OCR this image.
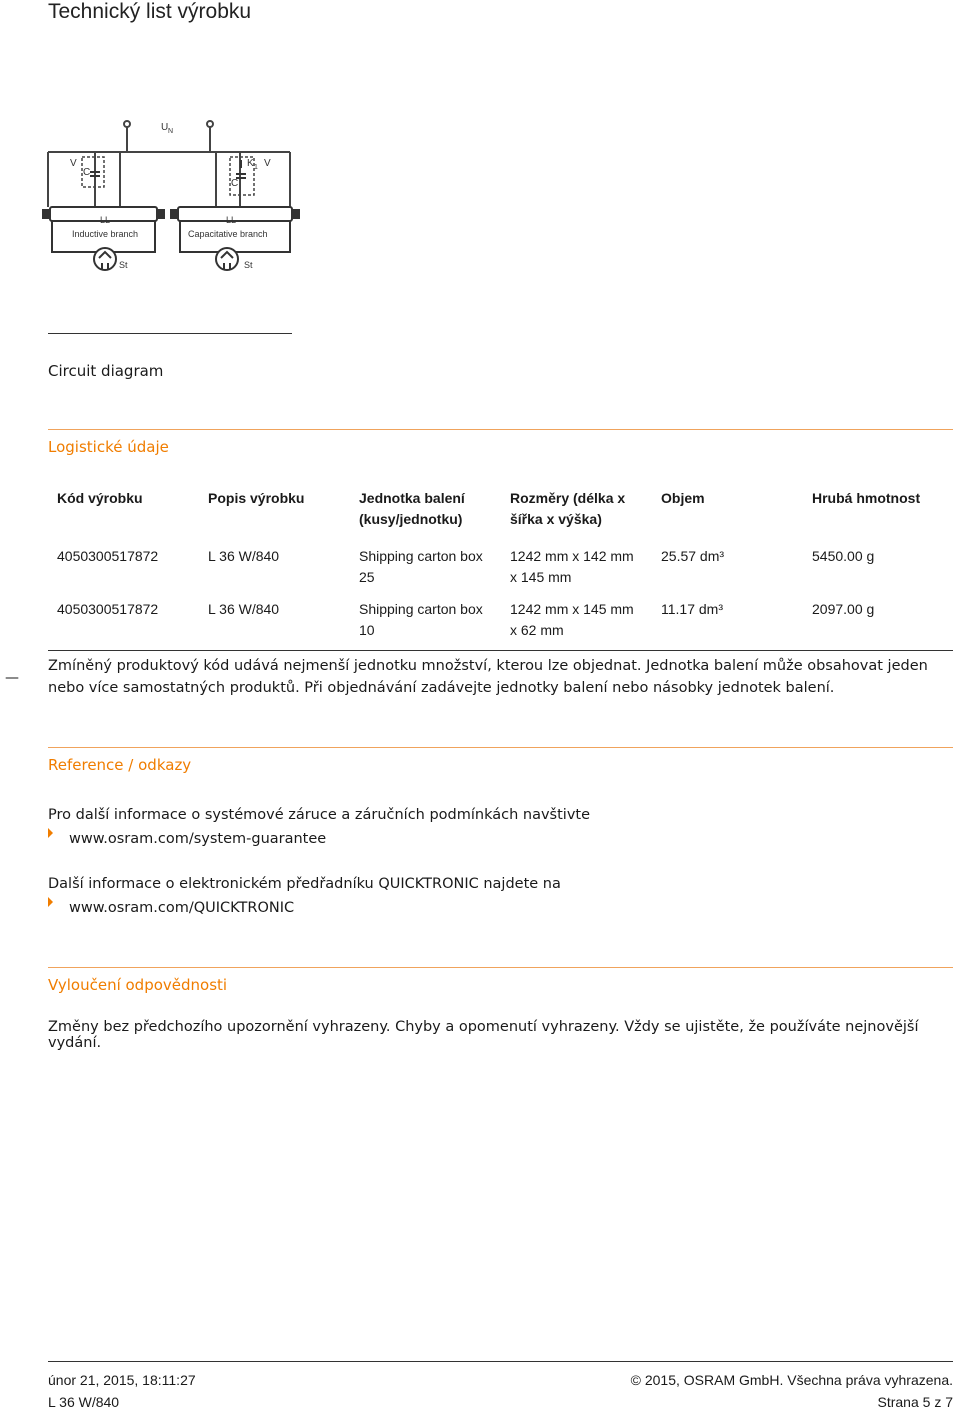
Technický list výrobku
U N
V	V
K 1
C
C
LL	LL
Inductive branch	Capacitative branch
St	St
Circuit diagram
Logistické údaje
Kód výrobku	Popis výrobku	Jednotka balení (kusy/jednotku)	Rozměry (délka x šířka x výška)	Objem	Hrubá hmotnost
4050300517872	L 36 W/840	Shipping carton box 25	1242 mm x 142 mm x 145 mm	25.57 dm³	5450.00 g
4050300517872	L 36 W/840	Shipping carton box 10	1242 mm x 145 mm x 62 mm	11.17 dm³	2097.00 g
—
Zmíněný produktový kód udává nejmenší jednotku množství, kterou lze objednat. Jednotka balení může obsahovat jeden nebo více samostatných produktů. Při objednávání zadávejte jednotky balení nebo násobky jednotek balení.
Reference / odkazy
Pro další informace o systémové záruce a záručních podmínkách navštivte
www.osram.com/system-guarantee
Další informace o elektronickém předřadníku QUICKTRONIC najdete na
www.osram.com/QUICKTRONIC
Vyloučení odpovědnosti
Změny bez předchozího upozornění vyhrazeny. Chyby a opomenutí vyhrazeny. Vždy se ujistěte, že používáte nejnovější vydání.
únor 21, 2015, 18:11:27
L 36 W/840
© 2015, OSRAM GmbH. Všechna práva vyhrazena.
Strana 5 z 7
